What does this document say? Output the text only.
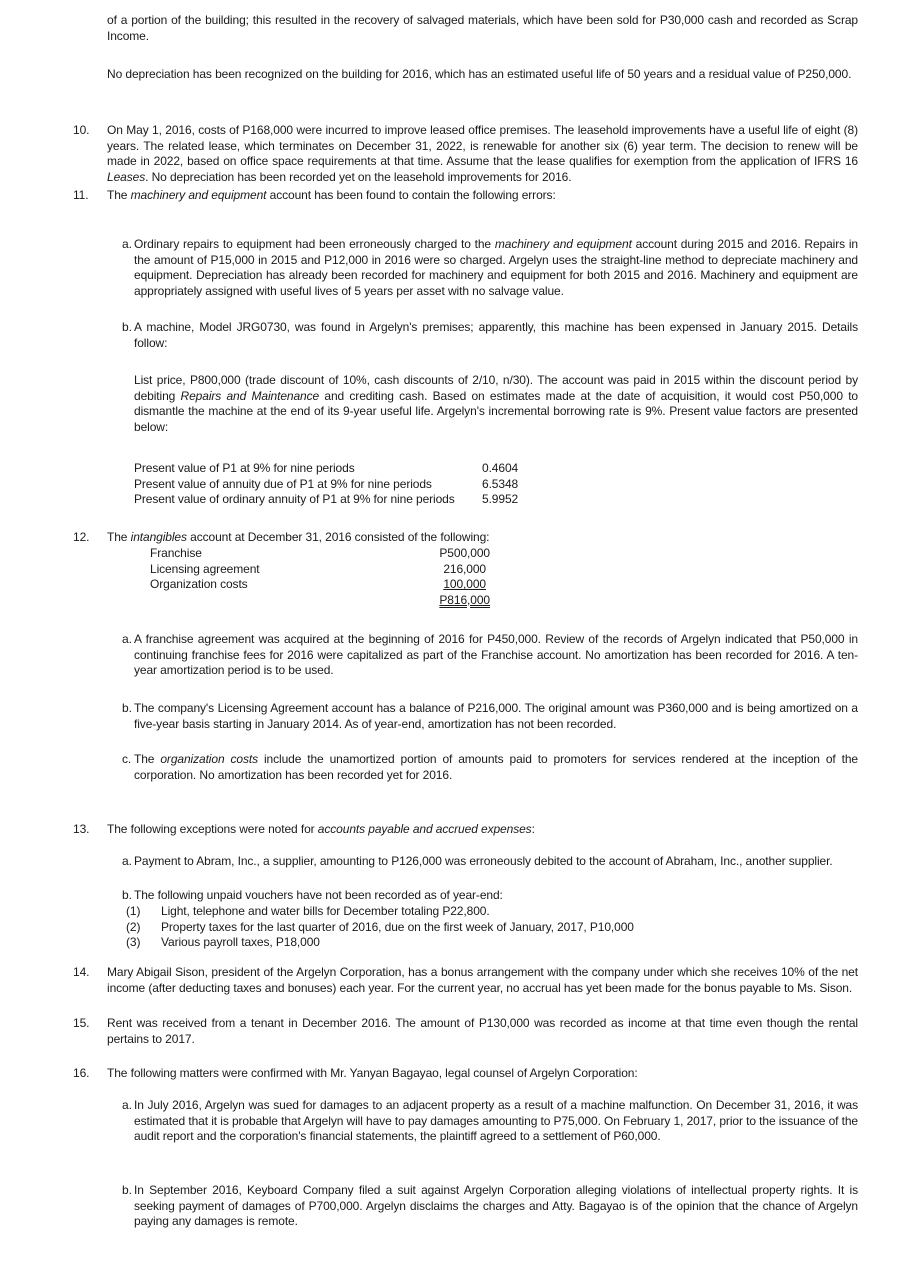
of a portion of the building; this resulted in the recovery of salvaged materials, which have been sold for P30,000 cash and recorded as Scrap Income.
No depreciation has been recognized on the building for 2016, which has an estimated useful life of 50 years and a residual value of P250,000.
10. On May 1, 2016, costs of P168,000 were incurred to improve leased office premises. The leasehold improvements have a useful life of eight (8) years. The related lease, which terminates on December 31, 2022, is renewable for another six (6) year term. The decision to renew will be made in 2022, based on office space requirements at that time. Assume that the lease qualifies for exemption from the application of IFRS 16 Leases. No depreciation has been recorded yet on the leasehold improvements for 2016.
11. The machinery and equipment account has been found to contain the following errors:
a. Ordinary repairs to equipment had been erroneously charged to the machinery and equipment account during 2015 and 2016. Repairs in the amount of P15,000 in 2015 and P12,000 in 2016 were so charged. Argelyn uses the straight-line method to depreciate machinery and equipment. Depreciation has already been recorded for machinery and equipment for both 2015 and 2016. Machinery and equipment are appropriately assigned with useful lives of 5 years per asset with no salvage value.
b. A machine, Model JRG0730, was found in Argelyn's premises; apparently, this machine has been expensed in January 2015. Details follow:
List price, P800,000 (trade discount of 10%, cash discounts of 2/10, n/30). The account was paid in 2015 within the discount period by debiting Repairs and Maintenance and crediting cash. Based on estimates made at the date of acquisition, it would cost P50,000 to dismantle the machine at the end of its 9-year useful life. Argelyn's incremental borrowing rate is 9%. Present value factors are presented below:
Present value of P1 at 9% for nine periods	0.4604
Present value of annuity due of P1 at 9% for nine periods	6.5348
Present value of ordinary annuity of P1 at 9% for nine periods 5.9952
12. The intangibles account at December 31, 2016 consisted of the following:
Franchise	P500,000
Licensing agreement	216,000
Organization costs	100,000
P816,000
a. A franchise agreement was acquired at the beginning of 2016 for P450,000. Review of the records of Argelyn indicated that P50,000 in continuing franchise fees for 2016 were capitalized as part of the Franchise account. No amortization has been recorded for 2016. A ten-year amortization period is to be used.
b. The company's Licensing Agreement account has a balance of P216,000. The original amount was P360,000 and is being amortized on a five-year basis starting in January 2014. As of year-end, amortization has not been recorded.
c. The organization costs include the unamortized portion of amounts paid to promoters for services rendered at the inception of the corporation. No amortization has been recorded yet for 2016.
13. The following exceptions were noted for accounts payable and accrued expenses:
a. Payment to Abram, Inc., a supplier, amounting to P126,000 was erroneously debited to the account of Abraham, Inc., another supplier.
b. The following unpaid vouchers have not been recorded as of year-end:
(1) Light, telephone and water bills for December totaling P22,800.
(2) Property taxes for the last quarter of 2016, due on the first week of January, 2017, P10,000
(3) Various payroll taxes, P18,000
14. Mary Abigail Sison, president of the Argelyn Corporation, has a bonus arrangement with the company under which she receives 10% of the net income (after deducting taxes and bonuses) each year. For the current year, no accrual has yet been made for the bonus payable to Ms. Sison.
15. Rent was received from a tenant in December 2016. The amount of P130,000 was recorded as income at that time even though the rental pertains to 2017.
16. The following matters were confirmed with Mr. Yanyan Bagayao, legal counsel of Argelyn Corporation:
a. In July 2016, Argelyn was sued for damages to an adjacent property as a result of a machine malfunction. On December 31, 2016, it was estimated that it is probable that Argelyn will have to pay damages amounting to P75,000. On February 1, 2017, prior to the issuance of the audit report and the corporation's financial statements, the plaintiff agreed to a settlement of P60,000.
b. In September 2016, Keyboard Company filed a suit against Argelyn Corporation alleging violations of intellectual property rights. It is seeking payment of damages of P700,000. Argelyn disclaims the charges and Atty. Bagayao is of the opinion that the chance of Argelyn paying any damages is remote.
